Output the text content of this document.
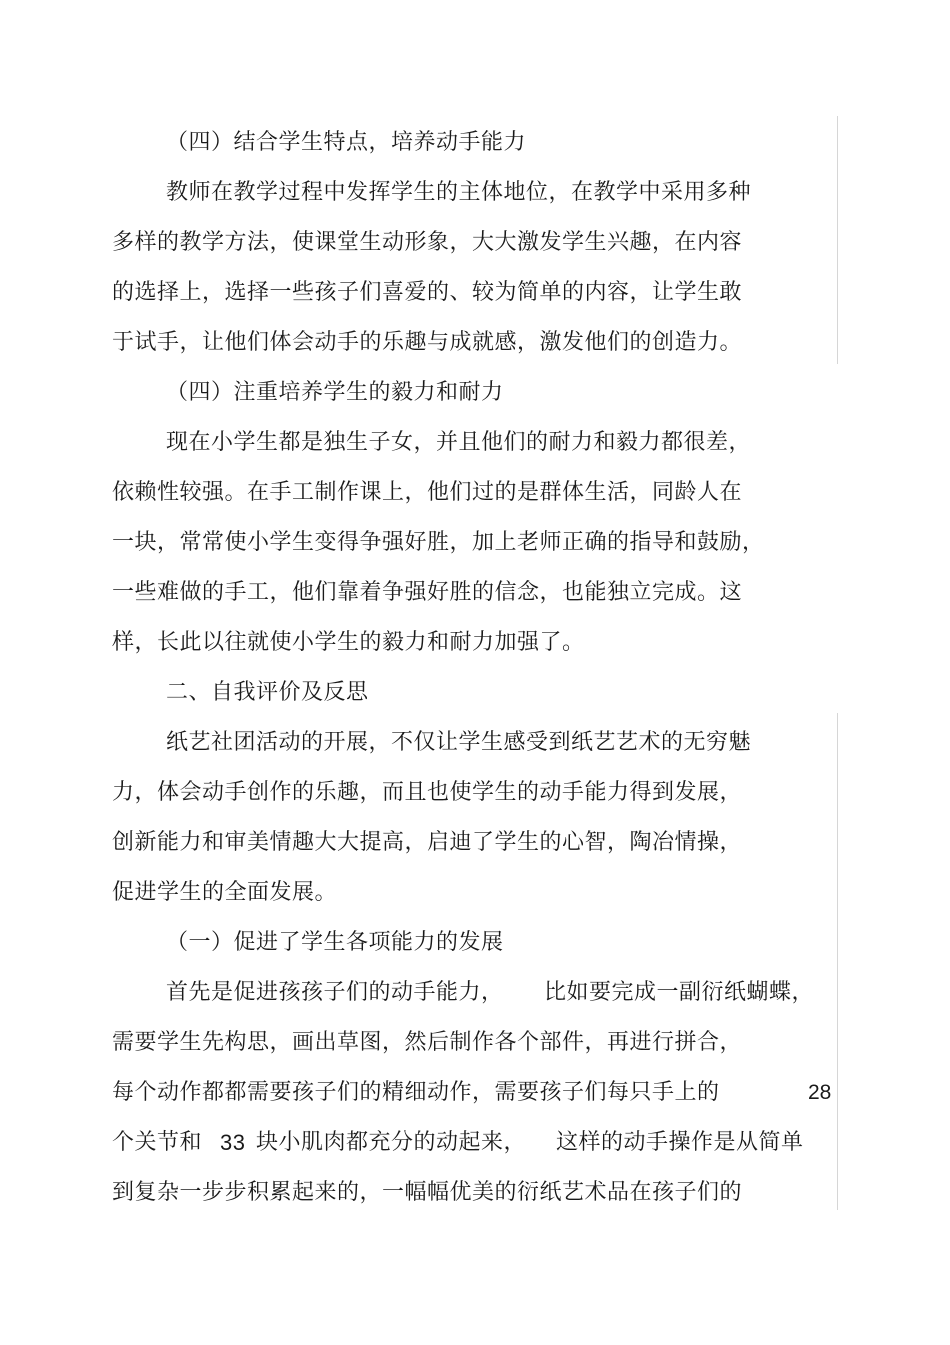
（四）结合学生特点，培养动手能力
教师在教学过程中发挥学生的主体地位，在教学中采用多种
多样的教学方法，使课堂生动形象，大大激发学生兴趣，在内容
的选择上，选择一些孩子们喜爱的、较为简单的内容，让学生敢
于试手，让他们体会动手的乐趣与成就感，激发他们的创造力。
（四）注重培养学生的毅力和耐力
现在小学生都是独生子女，并且他们的耐力和毅力都很差，
依赖性较强。在手工制作课上，他们过的是群体生活，同龄人在
一块，常常使小学生变得争强好胜，加上老师正确的指导和鼓励，
一些难做的手工，他们靠着争强好胜的信念，也能独立完成。这
样，长此以往就使小学生的毅力和耐力加强了。
二、自我评价及反思
纸艺社团活动的开展，不仅让学生感受到纸艺艺术的无穷魅
力，体会动手创作的乐趣，而且也使学生的动手能力得到发展，
创新能力和审美情趣大大提高，启迪了学生的心智，陶冶情操，
促进学生的全面发展。
（一）促进了学生各项能力的发展
首先是促进孩孩子们的动手能力， 比如要完成一副衍纸蝴蝶，
需要学生先构思，画出草图，然后制作各个部件，再进行拼合，
每个动作都都需要孩子们的精细动作，需要孩子们每只手上的	28
个关节和 33 块小肌肉都充分的动起来， 这样的动手操作是从简单
到复杂一步步积累起来的，一幅幅优美的衍纸艺术品在孩子们的
